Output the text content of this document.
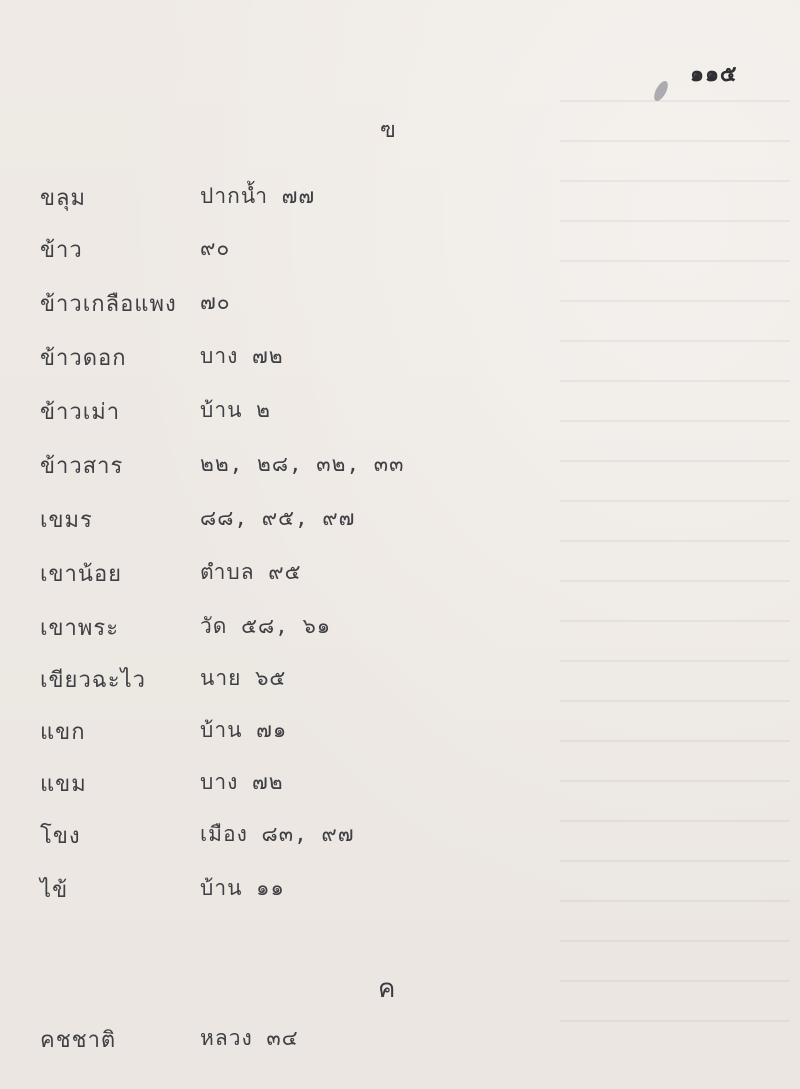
๑๑๕
ฃ
ขลุม	ปากน้ำ ๗๗
ข้าว	๙๐
ข้าวเกลือแพง ๗๐
ข้าวดอก	บาง ๗๒
ข้าวเม่า	บ้าน ๒
ข้าวสาร	๒๒, ๒๘, ๓๒, ๓๓
เขมร	๘๘, ๙๕, ๙๗
เขาน้อย	ตำบล ๙๕
เขาพระ	วัด ๕๘, ๖๑
เขียวฉะไว	นาย ๖๕
แขก	บ้าน ๗๑
แขม	บาง ๗๒
โขง	เมือง ๘๓, ๙๗
ไข้	บ้าน ๑๑
ค
คชชาติ	หลวง ๓๔
